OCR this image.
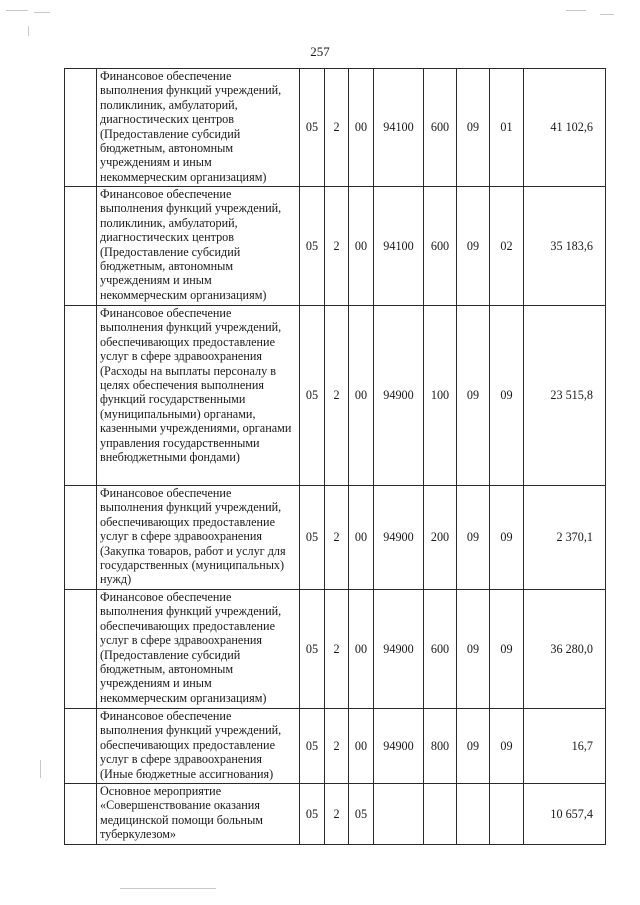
257
	Финансовое обеспечение выполнения функций учреждений, поликлиник, амбулаторий, диагностических центров (Предоставление субсидий бюджетным, автономным учреждениям и иным некоммерческим организациям)	05	2	00	94100	600	09	01	41 102,6
	Финансовое обеспечение выполнения функций учреждений, поликлиник, амбулаторий, диагностических центров (Предоставление субсидий бюджетным, автономным учреждениям и иным некоммерческим организациям)	05	2	00	94100	600	09	02	35 183,6
	Финансовое обеспечение выполнения функций учреждений, обеспечивающих предоставление услуг в сфере здравоохранения (Расходы на выплаты персоналу в целях обеспечения выполнения функций государственными (муниципальными) органами, казенными учреждениями, органами управления государственными внебюджетными фондами)	05	2	00	94900	100	09	09	23 515,8
	Финансовое обеспечение выполнения функций учреждений, обеспечивающих предоставление услуг в сфере здравоохранения (Закупка товаров, работ и услуг для государственных (муниципальных) нужд)	05	2	00	94900	200	09	09	2 370,1
	Финансовое обеспечение выполнения функций учреждений, обеспечивающих предоставление услуг в сфере здравоохранения (Предоставление субсидий бюджетным, автономным учреждениям и иным некоммерческим организациям)	05	2	00	94900	600	09	09	36 280,0
	Финансовое обеспечение выполнения функций учреждений, обеспечивающих предоставление услуг в сфере здравоохранения (Иные бюджетные ассигнования)	05	2	00	94900	800	09	09	16,7
	Основное мероприятие «Совершенствование оказания медицинской помощи больным туберкулезом»	05	2	05					10 657,4
